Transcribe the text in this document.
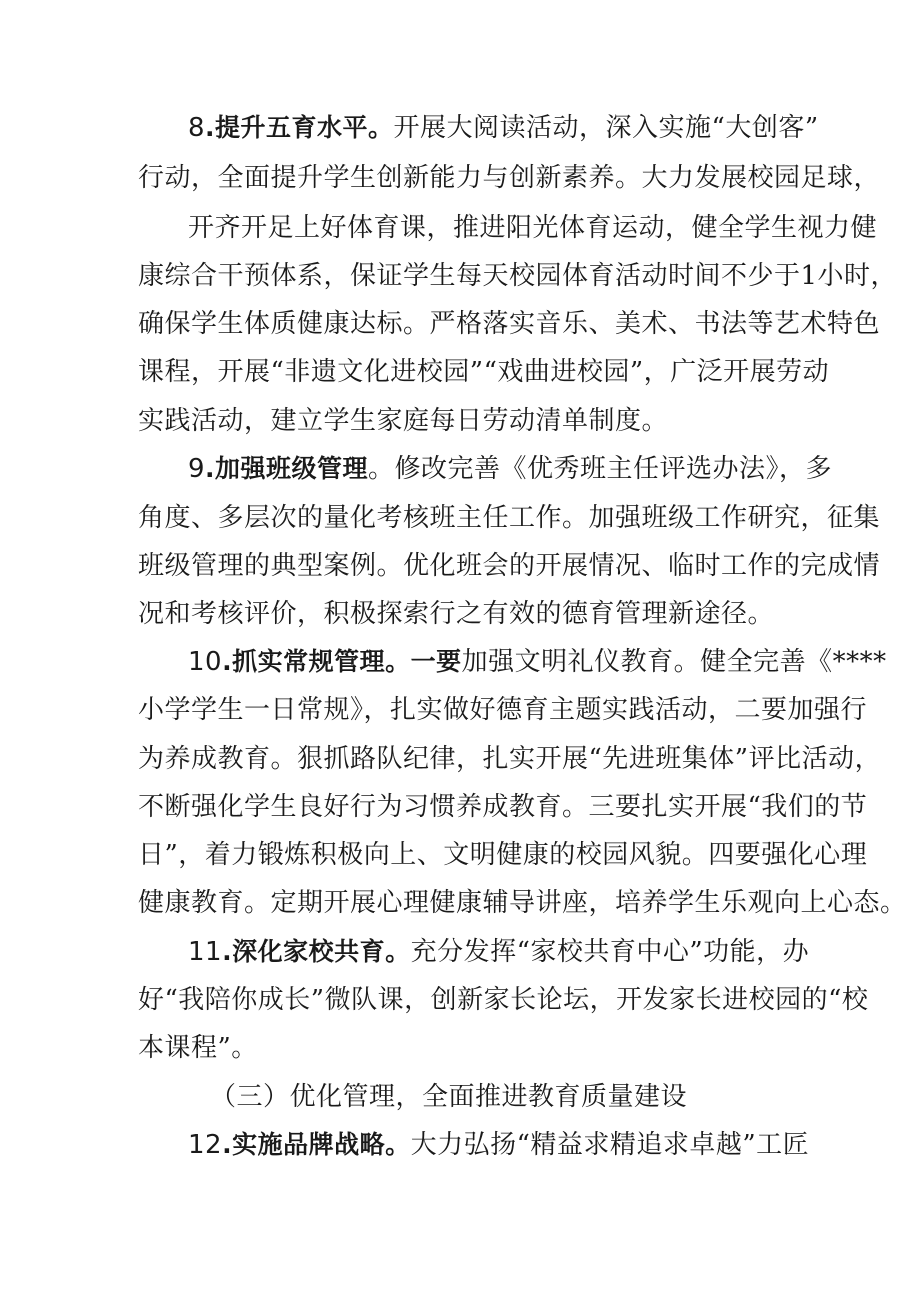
8.提升五育水平。开展大阅读活动，深入实施“大创客”
行动，全面提升学生创新能力与创新素养。大力发展校园足球，
开齐开足上好体育课，推进阳光体育运动，健全学生视力健
康综合干预体系，保证学生每天校园体育活动时间不少于1小时，
确保学生体质健康达标。严格落实音乐、美术、书法等艺术特色
课程，开展“非遗文化进校园”“戏曲进校园”，广泛开展劳动
实践活动，建立学生家庭每日劳动清单制度。
9.加强班级管理。修改完善《优秀班主任评选办法》，多
角度、多层次的量化考核班主任工作。加强班级工作研究，征集
班级管理的典型案例。优化班会的开展情况、临时工作的完成情
况和考核评价，积极探索行之有效的德育管理新途径。
10.抓实常规管理。一要加强文明礼仪教育。健全完善《****
小学学生一日常规》，扎实做好德育主题实践活动，二要加强行
为养成教育。狠抓路队纪律，扎实开展“先进班集体”评比活动，
不断强化学生良好行为习惯养成教育。三要扎实开展“我们的节
日”，着力锻炼积极向上、文明健康的校园风貌。四要强化心理
健康教育。定期开展心理健康辅导讲座，培养学生乐观向上心态。
11.深化家校共育。充分发挥“家校共育中心”功能，办
好“我陪你成长”微队课，创新家长论坛，开发家长进校园的“校
本课程”。
（三）优化管理，全面推进教育质量建设
12.实施品牌战略。大力弘扬“精益求精追求卓越”工匠
